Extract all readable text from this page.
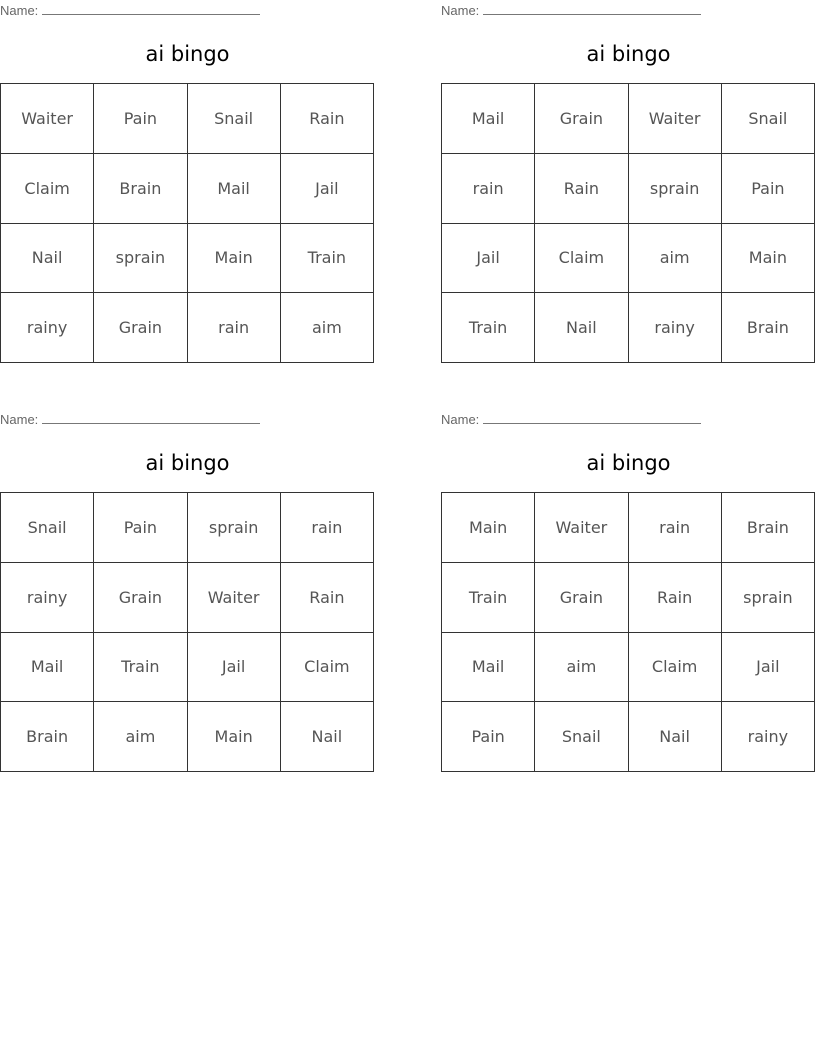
Name:
ai bingo
Waiter	Pain	Snail	Rain
Claim	Brain	Mail	Jail
Nail	sprain	Main	Train
rainy	Grain	rain	aim
Name:
ai bingo
Mail	Grain	Waiter	Snail
rain	Rain	sprain	Pain
Jail	Claim	aim	Main
Train	Nail	rainy	Brain
Name:
ai bingo
Snail	Pain	sprain	rain
rainy	Grain	Waiter	Rain
Mail	Train	Jail	Claim
Brain	aim	Main	Nail
Name:
ai bingo
Main	Waiter	rain	Brain
Train	Grain	Rain	sprain
Mail	aim	Claim	Jail
Pain	Snail	Nail	rainy
